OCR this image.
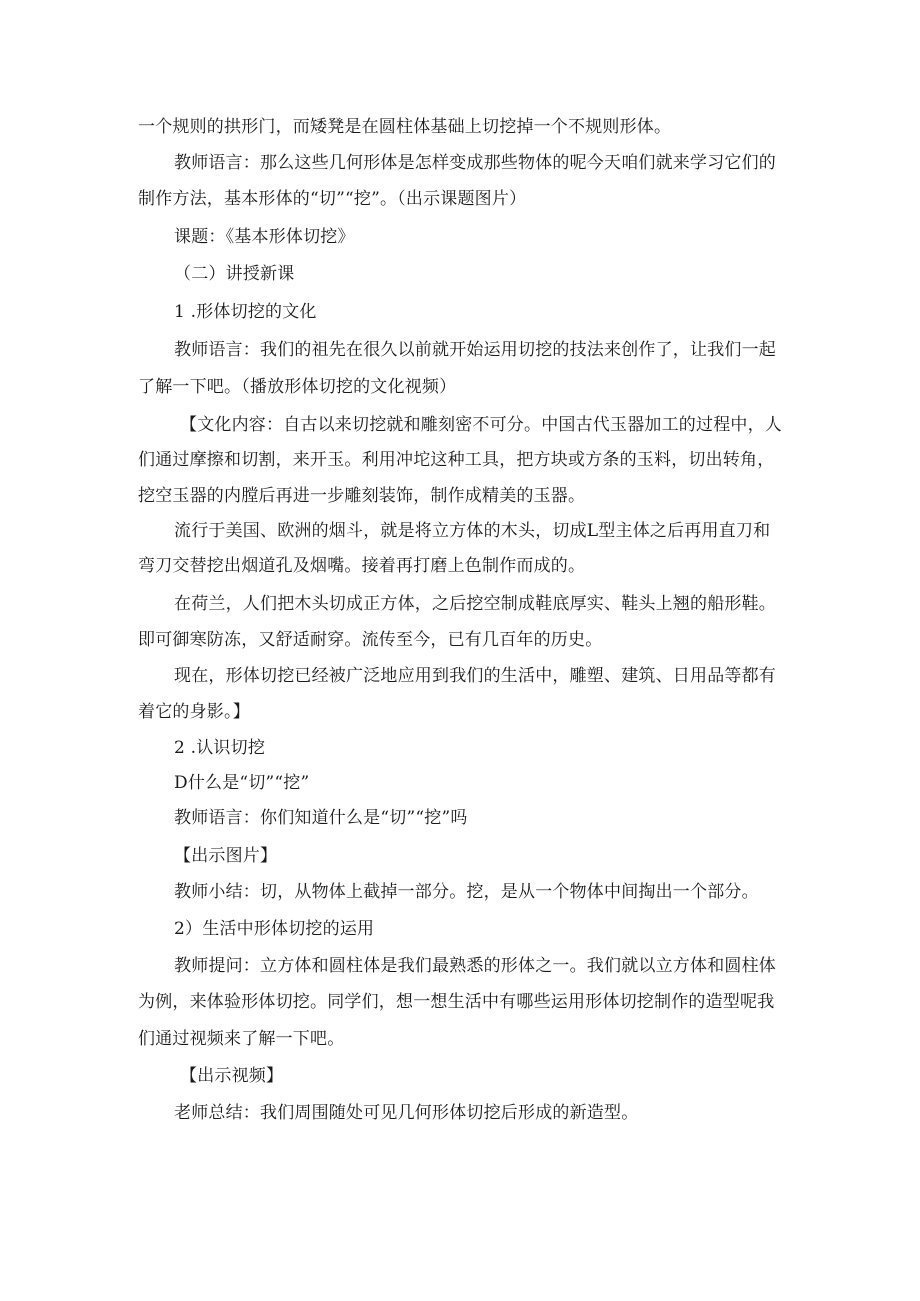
一个规则的拱形门，而矮凳是在圆柱体基础上切挖掉一个不规则形体。
教师语言：那么这些几何形体是怎样变成那些物体的呢今天咱们就来学习它们的
制作方法，基本形体的“切”“挖”。（出示课题图片）
课题：《基本形体切挖》
（二）讲授新课
1 .形体切挖的文化
教师语言：我们的祖先在很久以前就开始运用切挖的技法来创作了，让我们一起
了解一下吧。（播放形体切挖的文化视频）
【文化内容：自古以来切挖就和雕刻密不可分。中国古代玉器加工的过程中，人
们通过摩擦和切割，来开玉。利用冲坨这种工具，把方块或方条的玉料，切出转角，
挖空玉器的内膛后再进一步雕刻装饰，制作成精美的玉器。
流行于美国、欧洲的烟斗，就是将立方体的木头，切成L型主体之后再用直刀和
弯刀交替挖出烟道孔及烟嘴。接着再打磨上色制作而成的。
在荷兰，人们把木头切成正方体，之后挖空制成鞋底厚实、鞋头上翘的船形鞋。
即可御寒防冻，又舒适耐穿。流传至今，已有几百年的历史。
现在，形体切挖已经被广泛地应用到我们的生活中，雕塑、建筑、日用品等都有
着它的身影。】
2 .认识切挖
D什么是“切”“挖”
教师语言：你们知道什么是“切”“挖”吗
【出示图片】
教师小结：切，从物体上截掉一部分。挖，是从一个物体中间掏出一个部分。
2）生活中形体切挖的运用
教师提问：立方体和圆柱体是我们最熟悉的形体之一。我们就以立方体和圆柱体
为例，来体验形体切挖。同学们，想一想生活中有哪些运用形体切挖制作的造型呢我
们通过视频来了解一下吧。
【出示视频】
老师总结：我们周围随处可见几何形体切挖后形成的新造型。
